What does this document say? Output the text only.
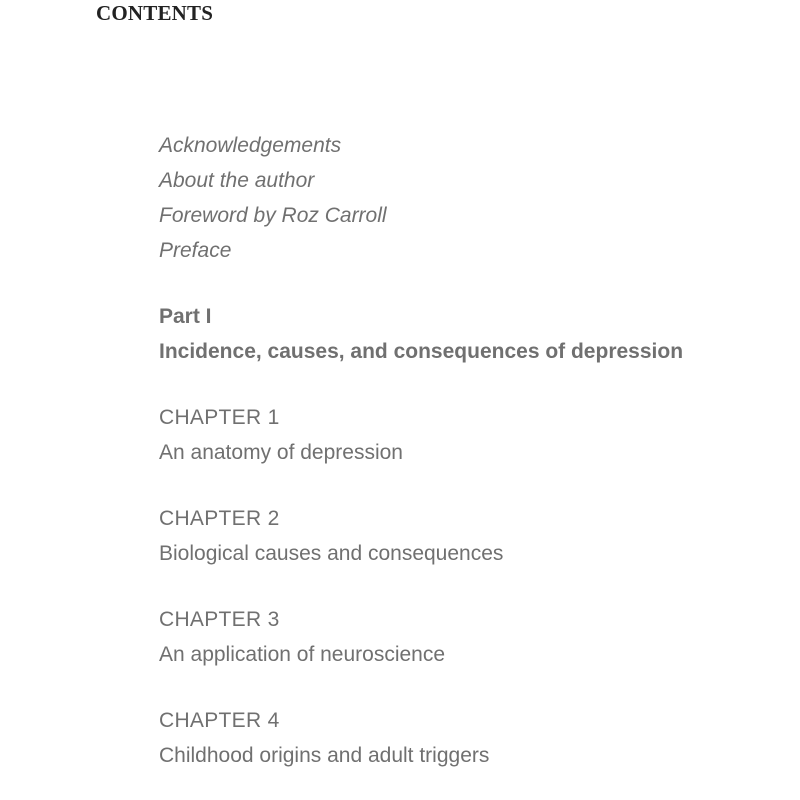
CONTENTS
Acknowledgements
About the author
Foreword by Roz Carroll
Preface
Part I
Incidence, causes, and consequences of depression
CHAPTER 1
An anatomy of depression
CHAPTER 2
Biological causes and consequences
CHAPTER 3
An application of neuroscience
CHAPTER 4
Childhood origins and adult triggers
